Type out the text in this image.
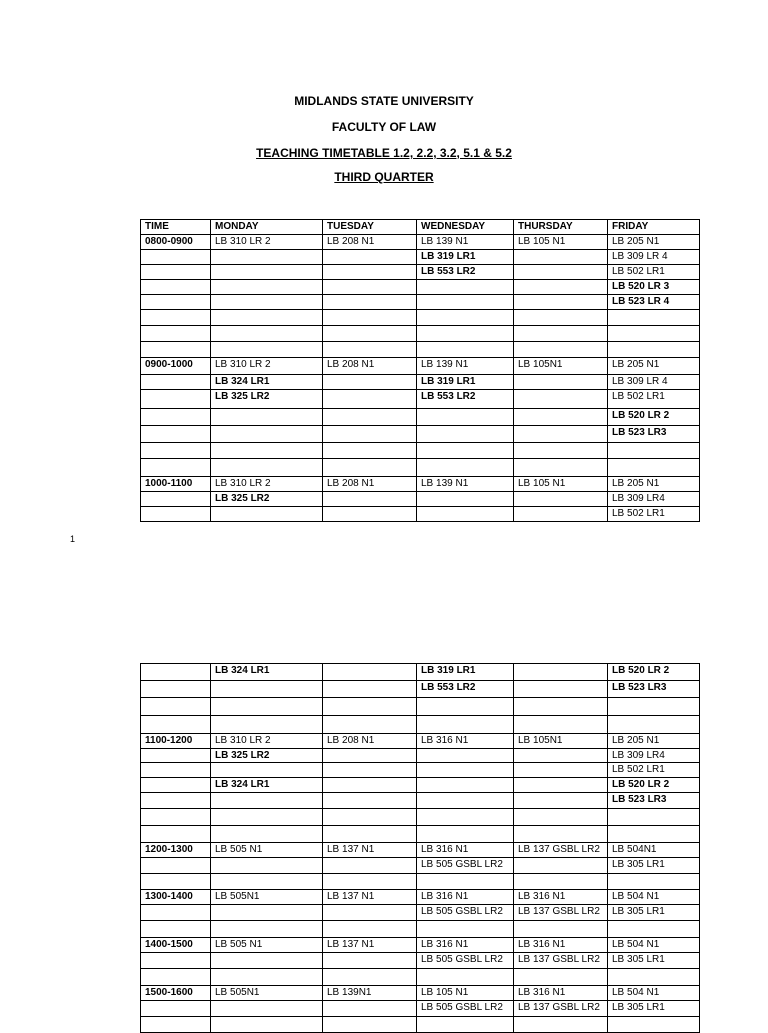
MIDLANDS STATE UNIVERSITY
FACULTY OF LAW
TEACHING TIMETABLE 1.2, 2.2, 3.2, 5.1 & 5.2
THIRD QUARTER
TIME	MONDAY	TUESDAY	WEDNESDAY	THURSDAY	FRIDAY
0800-0900	LB 310 LR 2	LB 208 N1	LB 139 N1	LB 105 N1	LB 205 N1
			LB 319 LR1		LB 309 LR 4
			LB 553 LR2		LB 502 LR1
					LB 520 LR 3
					LB 523 LR 4

0900-1000	LB 310 LR 2	LB 208 N1	LB 139 N1	LB 105N1	LB 205 N1
	LB 324 LR1		LB 319 LR1		LB 309 LR 4
	LB 325 LR2		LB 553 LR2		LB 502 LR1
					LB 520 LR 2
					LB 523 LR3

1000-1100	LB 310 LR 2	LB 208 N1	LB 139 N1	LB 105 N1	LB 205 N1
	LB 325 LR2				LB 309 LR4
					LB 502 LR1
1
	LB 324 LR1		LB 319 LR1		LB 520 LR 2
			LB 553 LR2		LB 523 LR3

1100-1200	LB 310 LR 2	LB 208 N1	LB 316 N1	LB 105N1	LB 205 N1
	LB 325 LR2				LB 309 LR4
					LB 502 LR1
	LB 324 LR1				LB 520 LR 2
					LB 523 LR3

1200-1300	LB 505 N1	LB 137 N1	LB 316 N1	LB 137 GSBL LR2	LB 504N1
			LB 505 GSBL LR2		LB 305 LR1

1300-1400	LB 505N1	LB 137 N1	LB 316 N1	LB 316 N1	LB 504 N1
			LB 505 GSBL LR2	LB 137 GSBL LR2	LB 305 LR1

1400-1500	LB 505 N1	LB 137 N1	LB 316 N1	LB 316 N1	LB 504 N1
			LB 505 GSBL LR2	LB 137 GSBL LR2	LB 305 LR1

1500-1600	LB 505N1	LB 139N1	LB 105 N1	LB 316 N1	LB 504 N1
			LB 505 GSBL LR2	LB 137 GSBL LR2	LB 305 LR1
